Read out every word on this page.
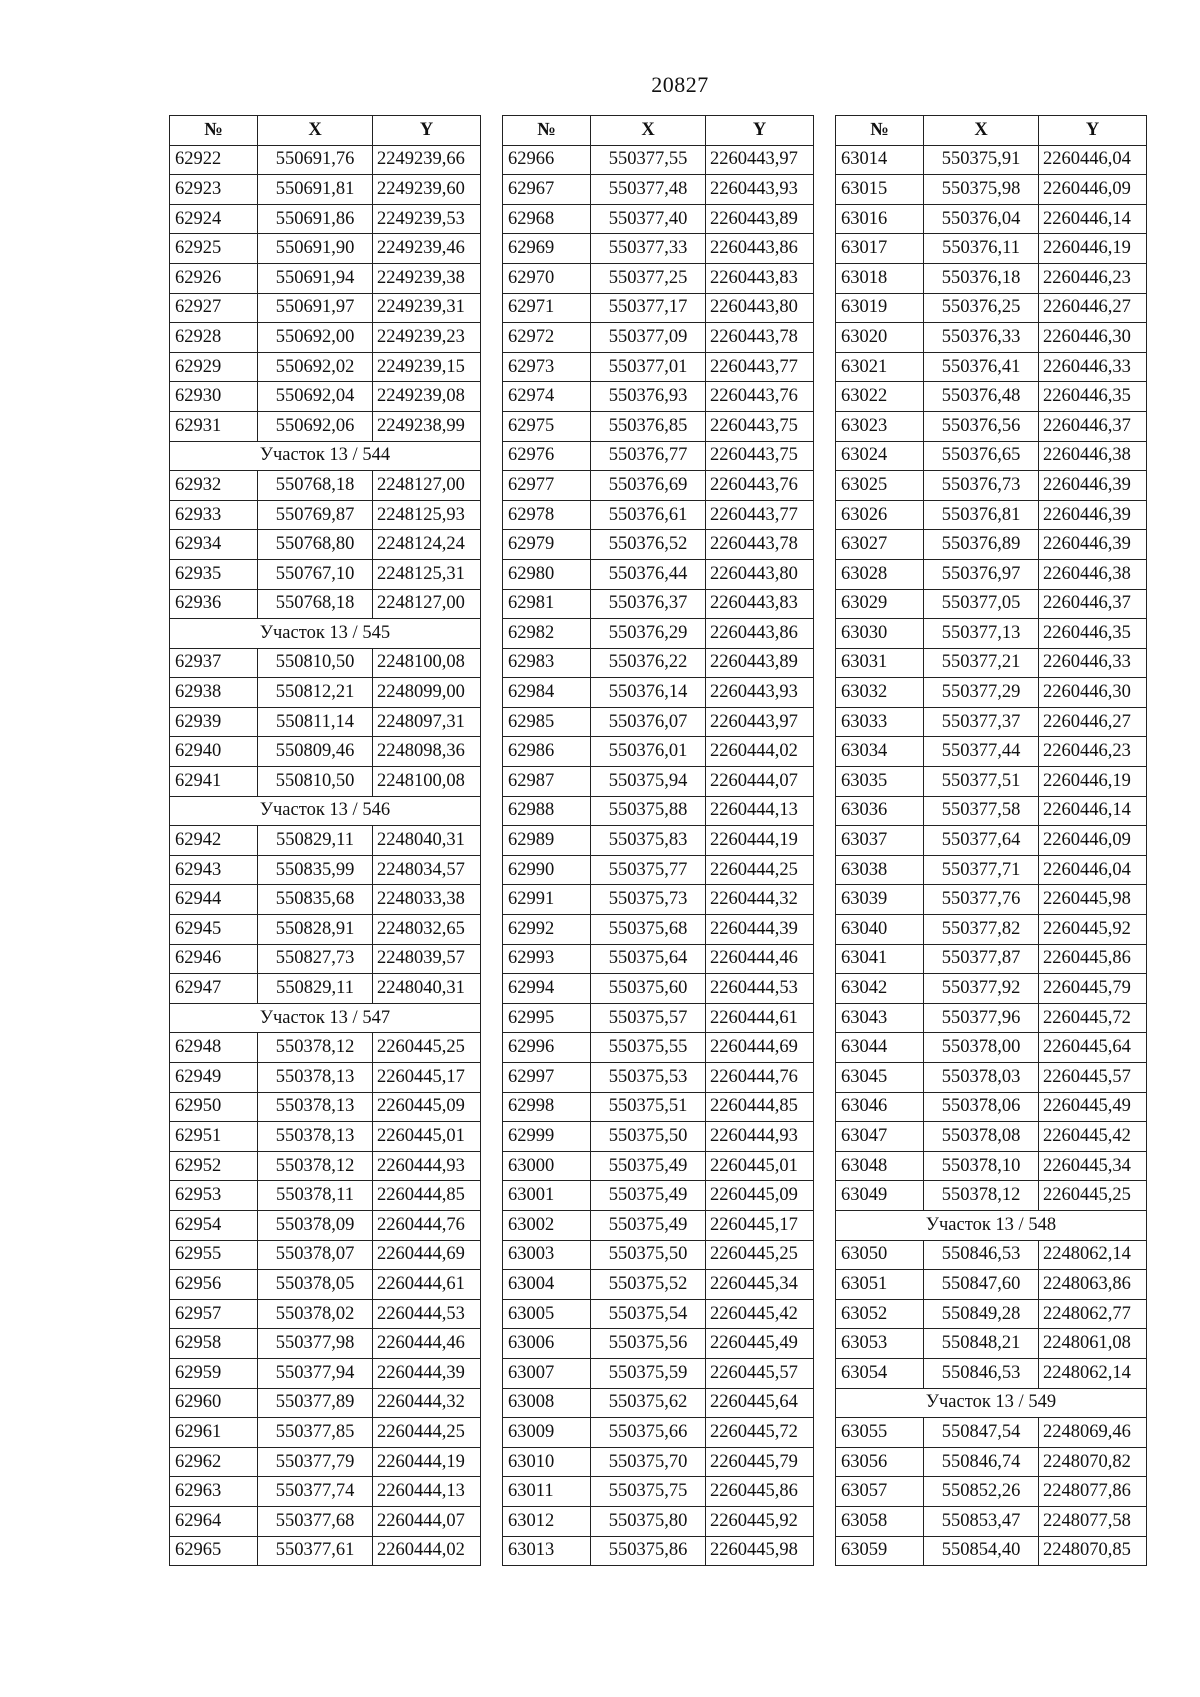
20827
№	X	Y
62922	550691,76	2249239,66
62923	550691,81	2249239,60
62924	550691,86	2249239,53
62925	550691,90	2249239,46
62926	550691,94	2249239,38
62927	550691,97	2249239,31
62928	550692,00	2249239,23
62929	550692,02	2249239,15
62930	550692,04	2249239,08
62931	550692,06	2249238,99
Участок 13 / 544		
62932	550768,18	2248127,00
62933	550769,87	2248125,93
62934	550768,80	2248124,24
62935	550767,10	2248125,31
62936	550768,18	2248127,00
Участок 13 / 545		
62937	550810,50	2248100,08
62938	550812,21	2248099,00
62939	550811,14	2248097,31
62940	550809,46	2248098,36
62941	550810,50	2248100,08
Участок 13 / 546		
62942	550829,11	2248040,31
62943	550835,99	2248034,57
62944	550835,68	2248033,38
62945	550828,91	2248032,65
62946	550827,73	2248039,57
62947	550829,11	2248040,31
Участок 13 / 547		
62948	550378,12	2260445,25
62949	550378,13	2260445,17
62950	550378,13	2260445,09
62951	550378,13	2260445,01
62952	550378,12	2260444,93
62953	550378,11	2260444,85
62954	550378,09	2260444,76
62955	550378,07	2260444,69
62956	550378,05	2260444,61
62957	550378,02	2260444,53
62958	550377,98	2260444,46
62959	550377,94	2260444,39
62960	550377,89	2260444,32
62961	550377,85	2260444,25
62962	550377,79	2260444,19
62963	550377,74	2260444,13
62964	550377,68	2260444,07
62965	550377,61	2260444,02
№	X	Y
62966	550377,55	2260443,97
62967	550377,48	2260443,93
62968	550377,40	2260443,89
62969	550377,33	2260443,86
62970	550377,25	2260443,83
62971	550377,17	2260443,80
62972	550377,09	2260443,78
62973	550377,01	2260443,77
62974	550376,93	2260443,76
62975	550376,85	2260443,75
62976	550376,77	2260443,75
62977	550376,69	2260443,76
62978	550376,61	2260443,77
62979	550376,52	2260443,78
62980	550376,44	2260443,80
62981	550376,37	2260443,83
62982	550376,29	2260443,86
62983	550376,22	2260443,89
62984	550376,14	2260443,93
62985	550376,07	2260443,97
62986	550376,01	2260444,02
62987	550375,94	2260444,07
62988	550375,88	2260444,13
62989	550375,83	2260444,19
62990	550375,77	2260444,25
62991	550375,73	2260444,32
62992	550375,68	2260444,39
62993	550375,64	2260444,46
62994	550375,60	2260444,53
62995	550375,57	2260444,61
62996	550375,55	2260444,69
62997	550375,53	2260444,76
62998	550375,51	2260444,85
62999	550375,50	2260444,93
63000	550375,49	2260445,01
63001	550375,49	2260445,09
63002	550375,49	2260445,17
63003	550375,50	2260445,25
63004	550375,52	2260445,34
63005	550375,54	2260445,42
63006	550375,56	2260445,49
63007	550375,59	2260445,57
63008	550375,62	2260445,64
63009	550375,66	2260445,72
63010	550375,70	2260445,79
63011	550375,75	2260445,86
63012	550375,80	2260445,92
63013	550375,86	2260445,98
№	X	Y
63014	550375,91	2260446,04
63015	550375,98	2260446,09
63016	550376,04	2260446,14
63017	550376,11	2260446,19
63018	550376,18	2260446,23
63019	550376,25	2260446,27
63020	550376,33	2260446,30
63021	550376,41	2260446,33
63022	550376,48	2260446,35
63023	550376,56	2260446,37
63024	550376,65	2260446,38
63025	550376,73	2260446,39
63026	550376,81	2260446,39
63027	550376,89	2260446,39
63028	550376,97	2260446,38
63029	550377,05	2260446,37
63030	550377,13	2260446,35
63031	550377,21	2260446,33
63032	550377,29	2260446,30
63033	550377,37	2260446,27
63034	550377,44	2260446,23
63035	550377,51	2260446,19
63036	550377,58	2260446,14
63037	550377,64	2260446,09
63038	550377,71	2260446,04
63039	550377,76	2260445,98
63040	550377,82	2260445,92
63041	550377,87	2260445,86
63042	550377,92	2260445,79
63043	550377,96	2260445,72
63044	550378,00	2260445,64
63045	550378,03	2260445,57
63046	550378,06	2260445,49
63047	550378,08	2260445,42
63048	550378,10	2260445,34
63049	550378,12	2260445,25
Участок 13 / 548		
63050	550846,53	2248062,14
63051	550847,60	2248063,86
63052	550849,28	2248062,77
63053	550848,21	2248061,08
63054	550846,53	2248062,14
Участок 13 / 549		
63055	550847,54	2248069,46
63056	550846,74	2248070,82
63057	550852,26	2248077,86
63058	550853,47	2248077,58
63059	550854,40	2248070,85
